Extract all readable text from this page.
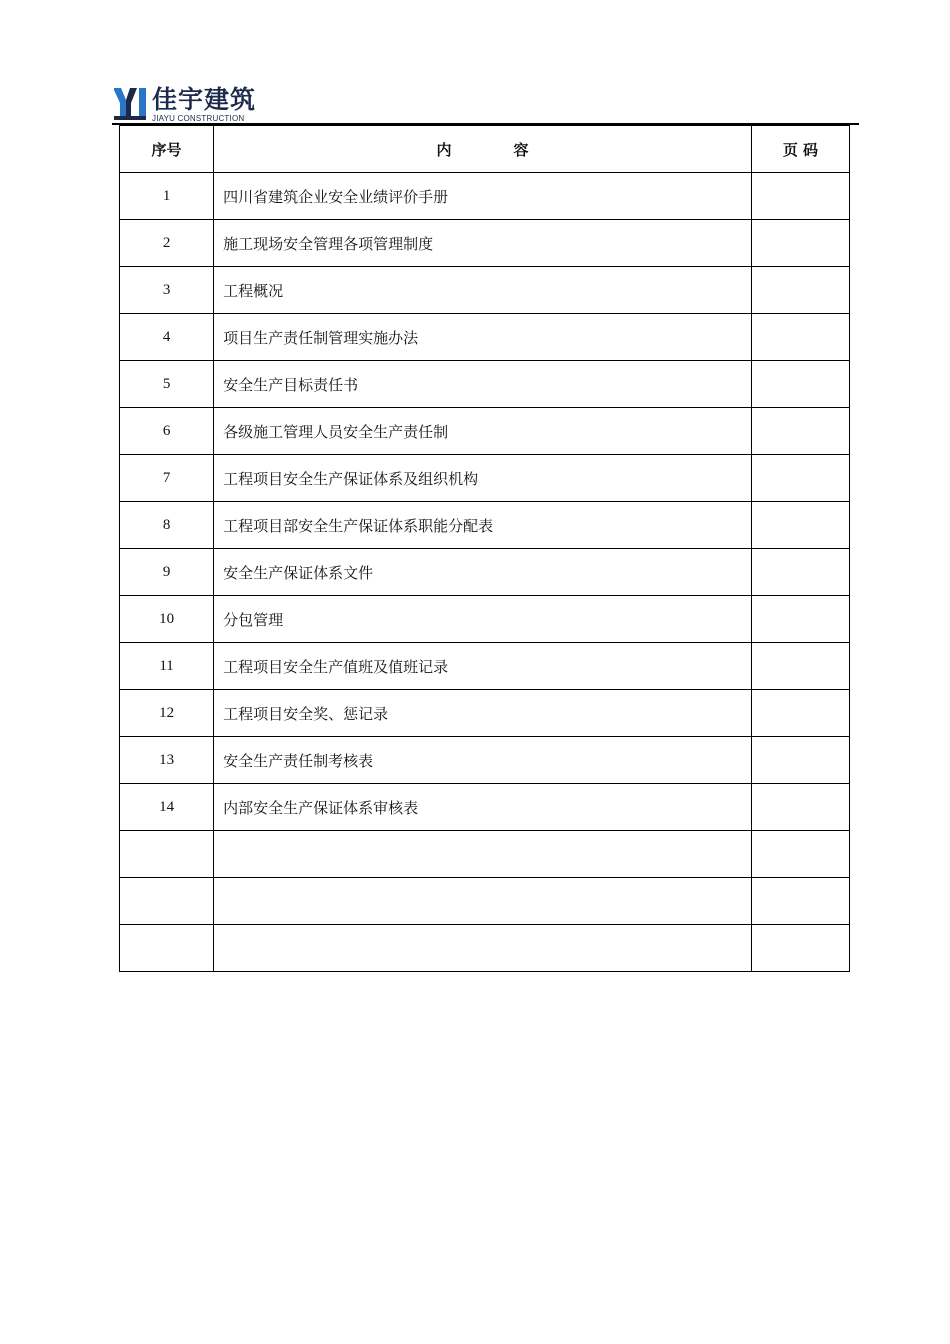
佳宇建筑
JIAYU CONSTRUCTION
序号	内 容	页 码
1	四川省建筑企业安全业绩评价手册	
2	施工现场安全管理各项管理制度	
3	工程概况	
4	项目生产责任制管理实施办法	
5	安全生产目标责任书	
6	各级施工管理人员安全生产责任制	
7	工程项目安全生产保证体系及组织机构	
8	工程项目部安全生产保证体系职能分配表	
9	安全生产保证体系文件	
10	分包管理	
11	工程项目安全生产值班及值班记录	
12	工程项目安全奖、惩记录	
13	安全生产责任制考核表	
14	内部安全生产保证体系审核表	
